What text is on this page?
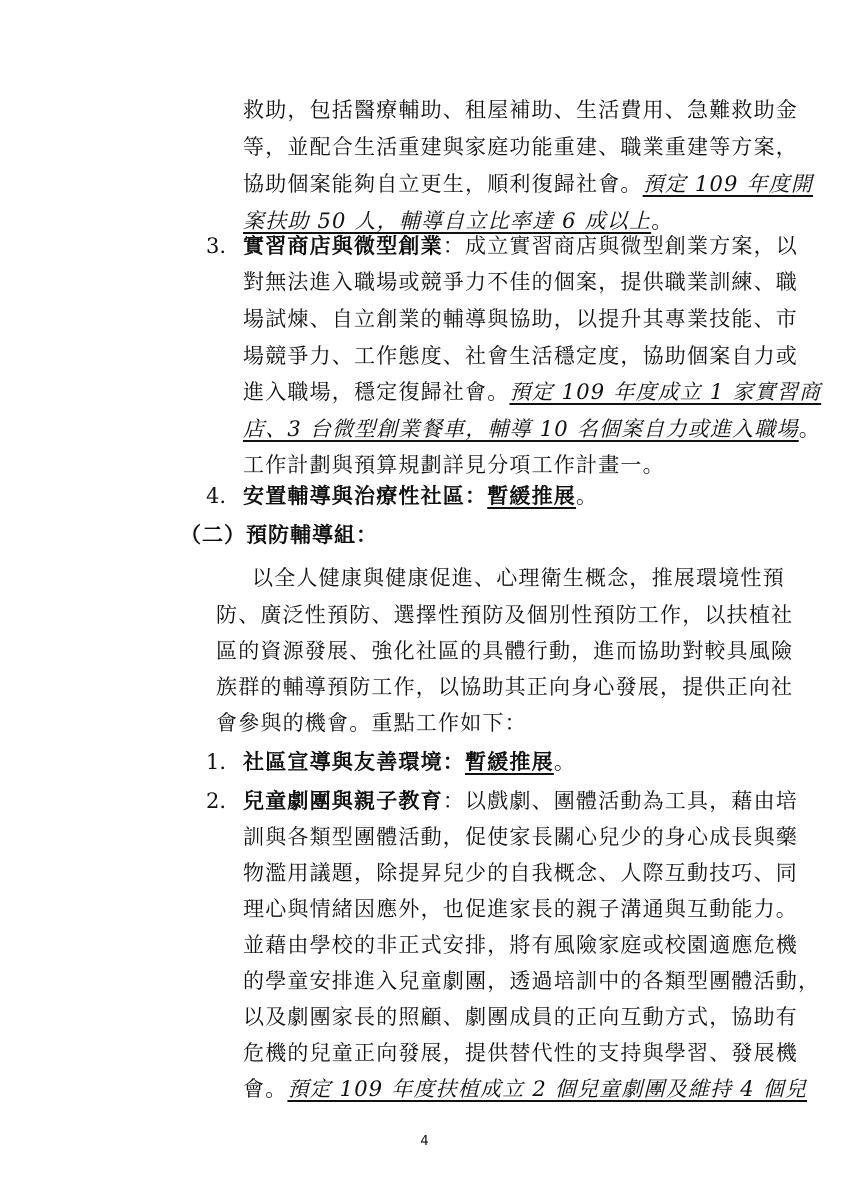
救助，包括醫療輔助、租屋補助、生活費用、急難救助金
等，並配合生活重建與家庭功能重建、職業重建等方案，
協助個案能夠自立更生，順利復歸社會。預定 109 年度開
案扶助 50 人，輔導自立比率達 6 成以上。
3. 實習商店與微型創業：成立實習商店與微型創業方案，以
對無法進入職場或競爭力不佳的個案，提供職業訓練、職
場試煉、自立創業的輔導與協助，以提升其專業技能、市
場競爭力、工作態度、社會生活穩定度，協助個案自力或
進入職場，穩定復歸社會。預定 109 年度成立 1 家實習商
店、3 台微型創業餐車，輔導 10 名個案自力或進入職場。
工作計劃與預算規劃詳見分項工作計畫一。
4. 安置輔導與治療性社區：暫緩推展。
（二）預防輔導組：
以全人健康與健康促進、心理衛生概念，推展環境性預
防、廣泛性預防、選擇性預防及個別性預防工作，以扶植社
區的資源發展、強化社區的具體行動，進而協助對較具風險
族群的輔導預防工作，以協助其正向身心發展，提供正向社
會參與的機會。重點工作如下：
1. 社區宣導與友善環境：暫緩推展。
2. 兒童劇團與親子教育：以戲劇、團體活動為工具，藉由培
訓與各類型團體活動，促使家長關心兒少的身心成長與藥
物濫用議題，除提昇兒少的自我概念、人際互動技巧、同
理心與情緒因應外，也促進家長的親子溝通與互動能力。
並藉由學校的非正式安排，將有風險家庭或校園適應危機
的學童安排進入兒童劇團，透過培訓中的各類型團體活動，
以及劇團家長的照顧、劇團成員的正向互動方式，協助有
危機的兒童正向發展，提供替代性的支持與學習、發展機
會。預定 109 年度扶植成立 2 個兒童劇團及維持 4 個兒
4
